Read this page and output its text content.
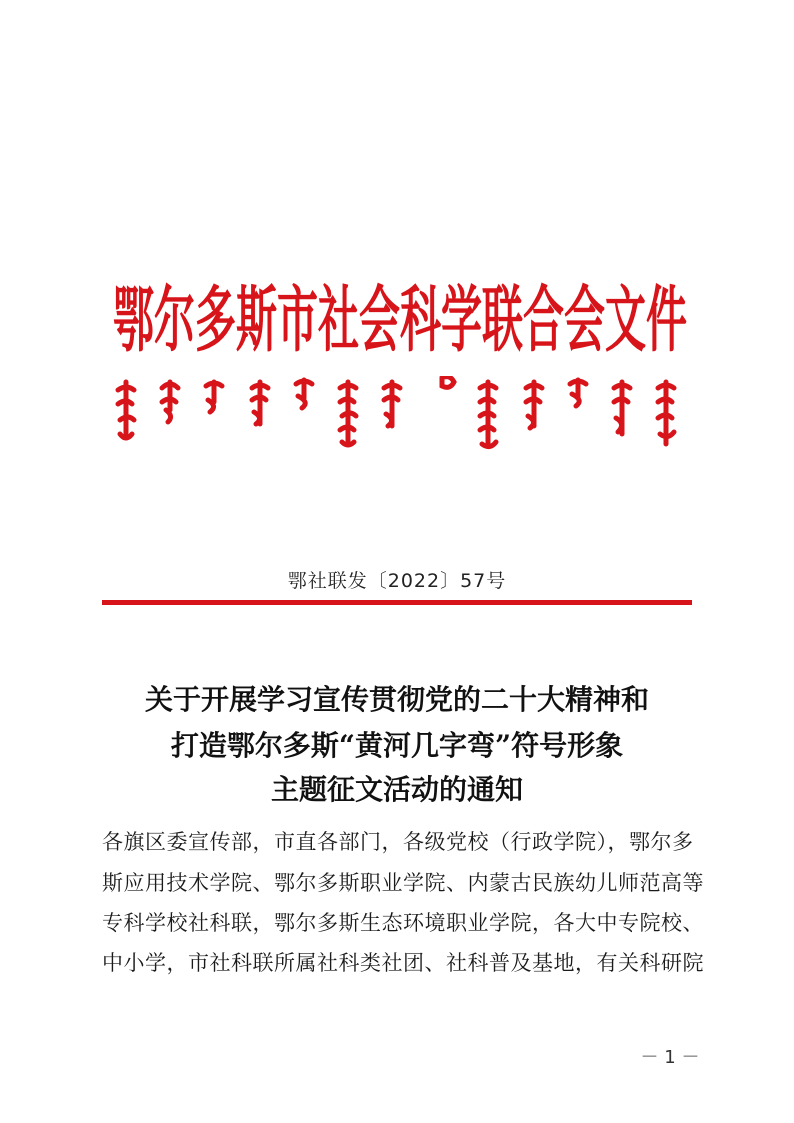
鄂尔多斯市社会科学联合会文件
鄂社联发〔2022〕57号
关于开展学习宣传贯彻党的二十大精神和
打造鄂尔多斯“黄河几字弯”符号形象
主题征文活动的通知
各旗区委宣传部，市直各部门，各级党校（行政学院），鄂尔多
斯应用技术学院、鄂尔多斯职业学院、内蒙古民族幼儿师范高等
专科学校社科联，鄂尔多斯生态环境职业学院，各大中专院校、
中小学，市社科联所属社科类社团、社科普及基地，有关科研院
－ 1 －
